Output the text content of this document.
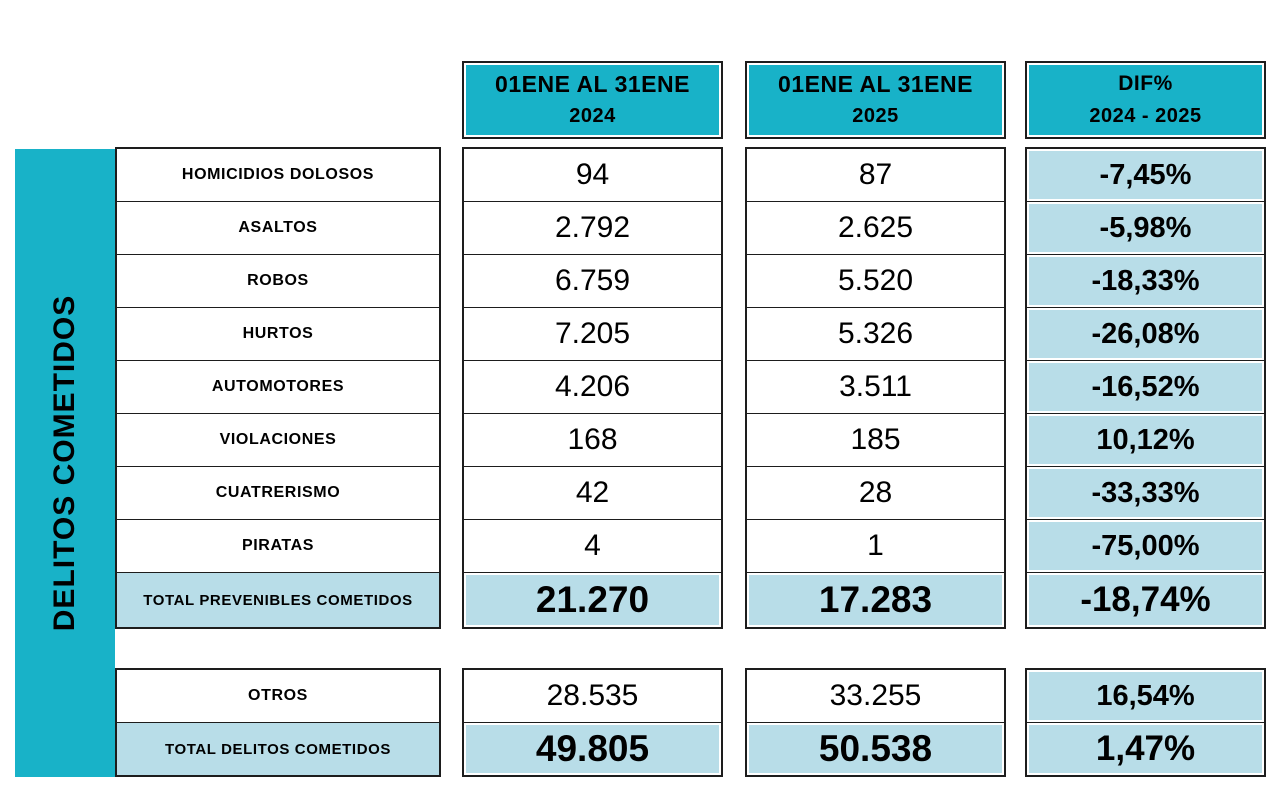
01ENE AL 31ENE
2024
01ENE AL 31ENE
2025
DIF%
2024 - 2025
DELITOS COMETIDOS
HOMICIDIOS DOLOSOS
ASALTOS
ROBOS
HURTOS
AUTOMOTORES
VIOLACIONES
CUATRERISMO
PIRATAS
TOTAL PREVENIBLES COMETIDOS
94
2.792
6.759
7.205
4.206
168
42
4
21.270
87
2.625
5.520
5.326
3.511
185
28
1
17.283
-7,45%
-5,98%
-18,33%
-26,08%
-16,52%
10,12%
-33,33%
-75,00%
-18,74%
OTROS
TOTAL DELITOS COMETIDOS
28.535
49.805
33.255
50.538
16,54%
1,47%
